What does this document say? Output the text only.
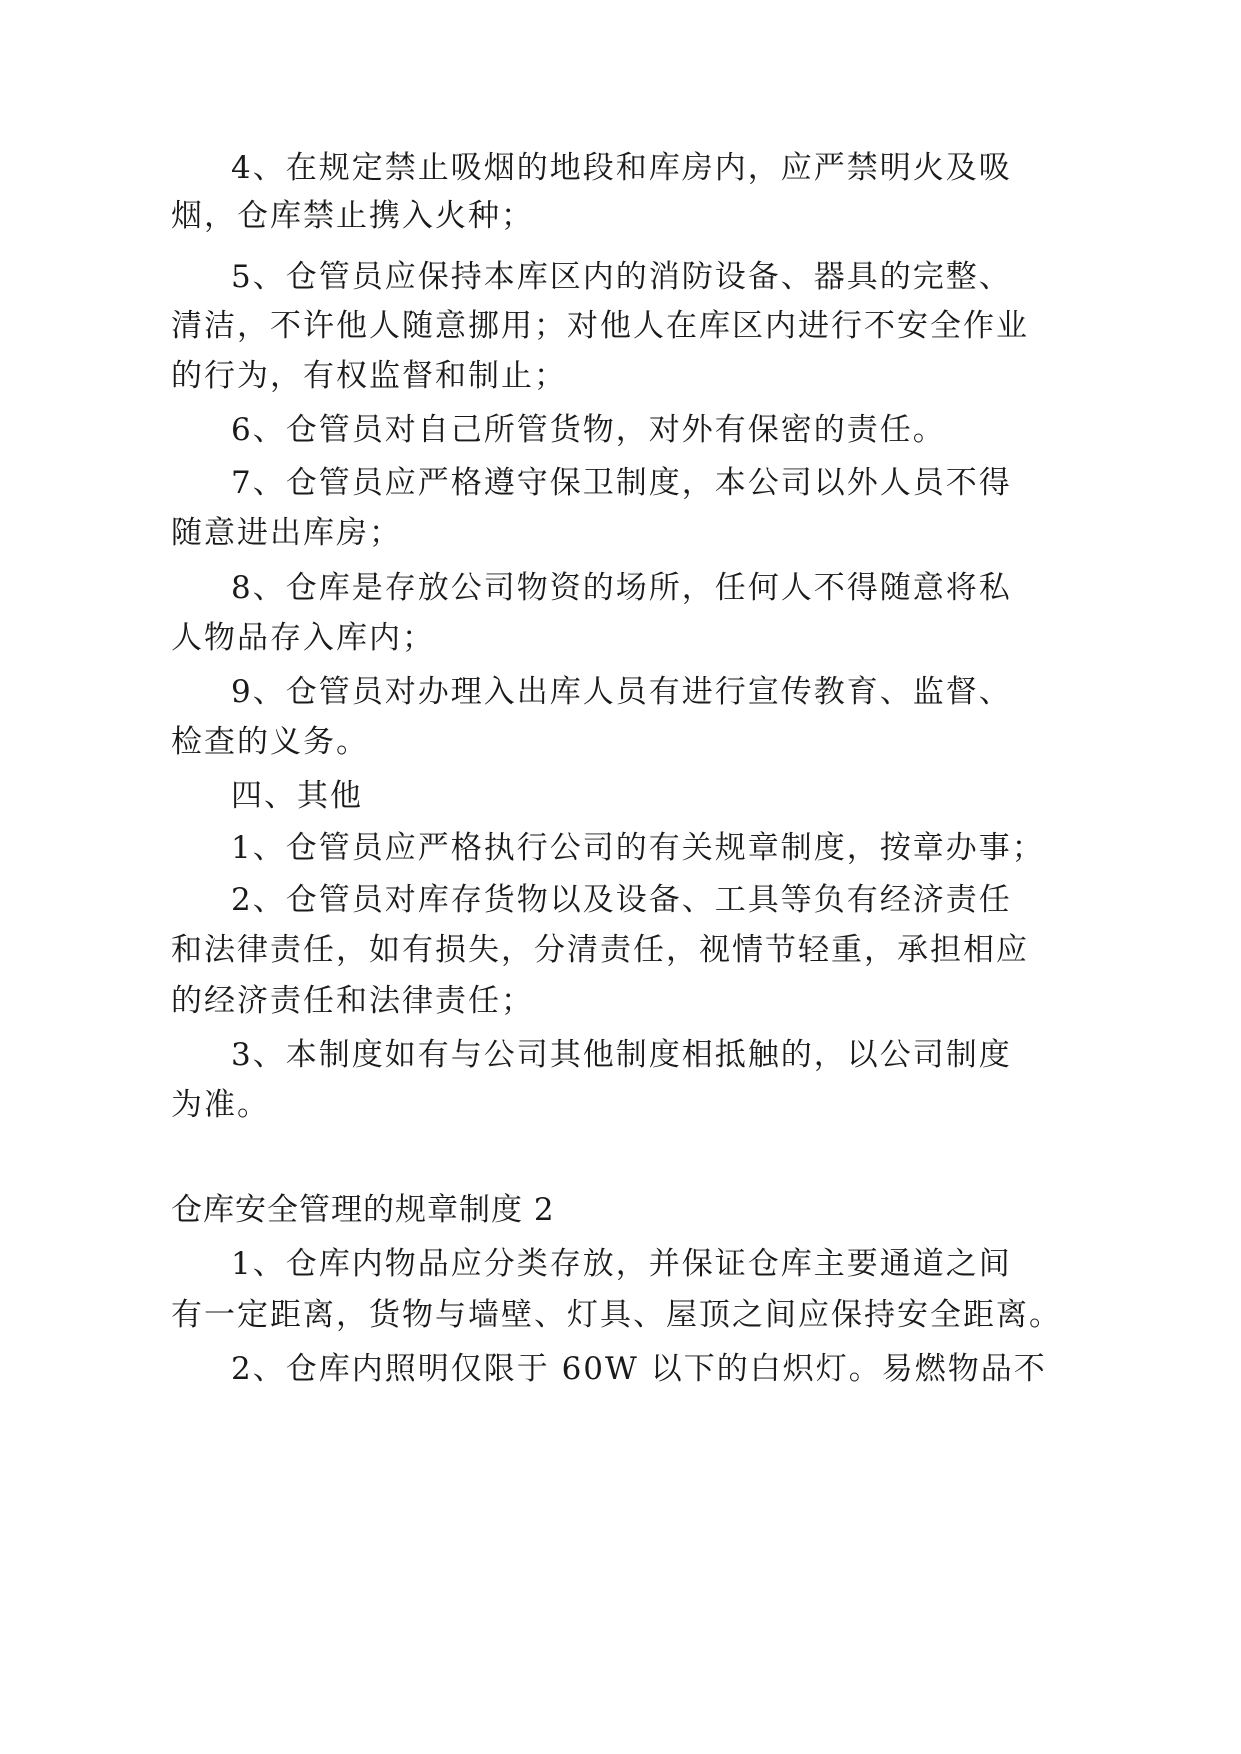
4、在规定禁止吸烟的地段和库房内，应严禁明火及吸
烟，仓库禁止携入火种；
5、仓管员应保持本库区内的消防设备、器具的完整、
清洁，不许他人随意挪用；对他人在库区内进行不安全作业
的行为，有权监督和制止；
6、仓管员对自己所管货物，对外有保密的责任。
7、仓管员应严格遵守保卫制度，本公司以外人员不得
随意进出库房；
8、仓库是存放公司物资的场所，任何人不得随意将私
人物品存入库内；
9、仓管员对办理入出库人员有进行宣传教育、监督、
检查的义务。
四、其他
1、仓管员应严格执行公司的有关规章制度，按章办事；
2、仓管员对库存货物以及设备、工具等负有经济责任
和法律责任，如有损失，分清责任，视情节轻重，承担相应
的经济责任和法律责任；
3、本制度如有与公司其他制度相抵触的，以公司制度
为准。
仓库安全管理的规章制度 2
1、仓库内物品应分类存放，并保证仓库主要通道之间
有一定距离，货物与墙壁、灯具、屋顶之间应保持安全距离。
2、仓库内照明仅限于 60W 以下的白炽灯。易燃物品不
